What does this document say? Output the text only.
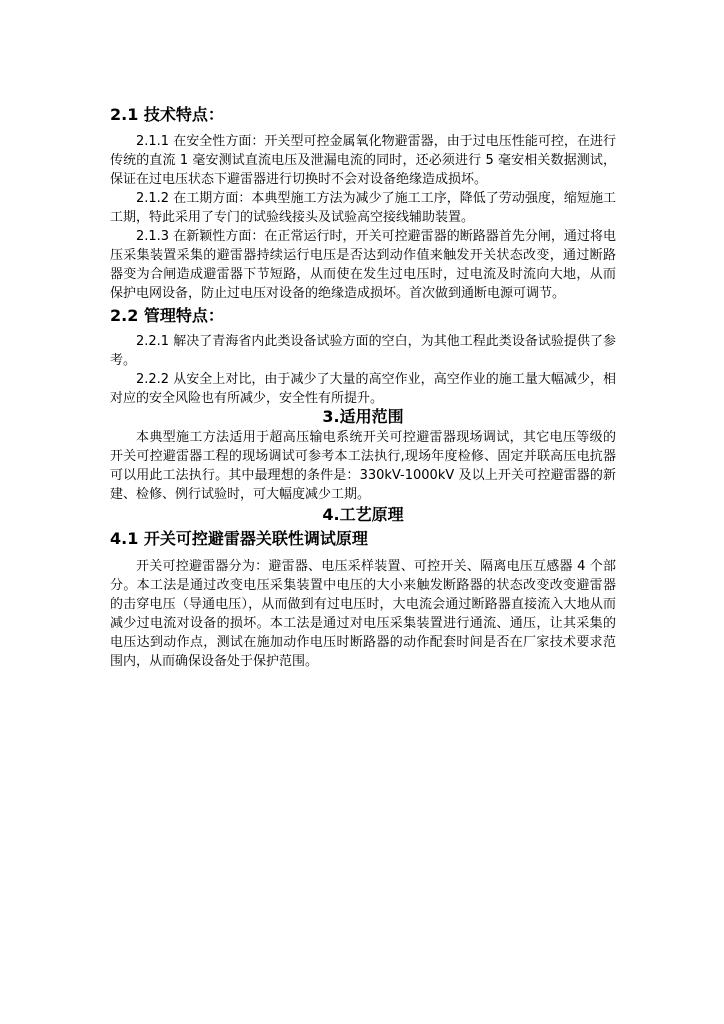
2.1 技术特点：

2.1.1 在安全性方面：开关型可控金属氧化物避雷器，由于过电压性能可控，在进行传统的直流 1 毫安测试直流电压及泄漏电流的同时，还必须进行 5 毫安相关数据测试，保证在过电压状态下避雷器进行切换时不会对设备绝缘造成损坏。

2.1.2 在工期方面：本典型施工方法为减少了施工工序，降低了劳动强度，缩短施工工期，特此采用了专门的试验线接头及试验高空接线辅助装置。

2.1.3 在新颖性方面：在正常运行时，开关可控避雷器的断路器首先分闸，通过将电压采集装置采集的避雷器持续运行电压是否达到动作值来触发开关状态改变，通过断路器变为合闸造成避雷器下节短路，从而使在发生过电压时，过电流及时流向大地，从而保护电网设备，防止过电压对设备的绝缘造成损坏。首次做到通断电源可调节。

2.2 管理特点：

2.2.1 解决了青海省内此类设备试验方面的空白，为其他工程此类设备试验提供了参考。

2.2.2 从安全上对比，由于减少了大量的高空作业，高空作业的施工量大幅减少，相对应的安全风险也有所减少，安全性有所提升。

3.适用范围

本典型施工方法适用于超高压输电系统开关可控避雷器现场调试，其它电压等级的开关可控避雷器工程的现场调试可参考本工法执行,现场年度检修、固定并联高压电抗器可以用此工法执行。其中最理想的条件是：330kV-1000kV 及以上开关可控避雷器的新建、检修、例行试验时，可大幅度减少工期。

4.工艺原理
4.1 开关可控避雷器关联性调试原理

开关可控避雷器分为：避雷器、电压采样装置、可控开关、隔离电压互感器 4 个部分。本工法是通过改变电压采集装置中电压的大小来触发断路器的状态改变改变避雷器的击穿电压（导通电压），从而做到有过电压时，大电流会通过断路器直接流入大地从而减少过电流对设备的损坏。本工法是通过对电压采集装置进行通流、通压，让其采集的电压达到动作点，测试在施加动作电压时断路器的动作配套时间是否在厂家技术要求范围内，从而确保设备处于保护范围。
